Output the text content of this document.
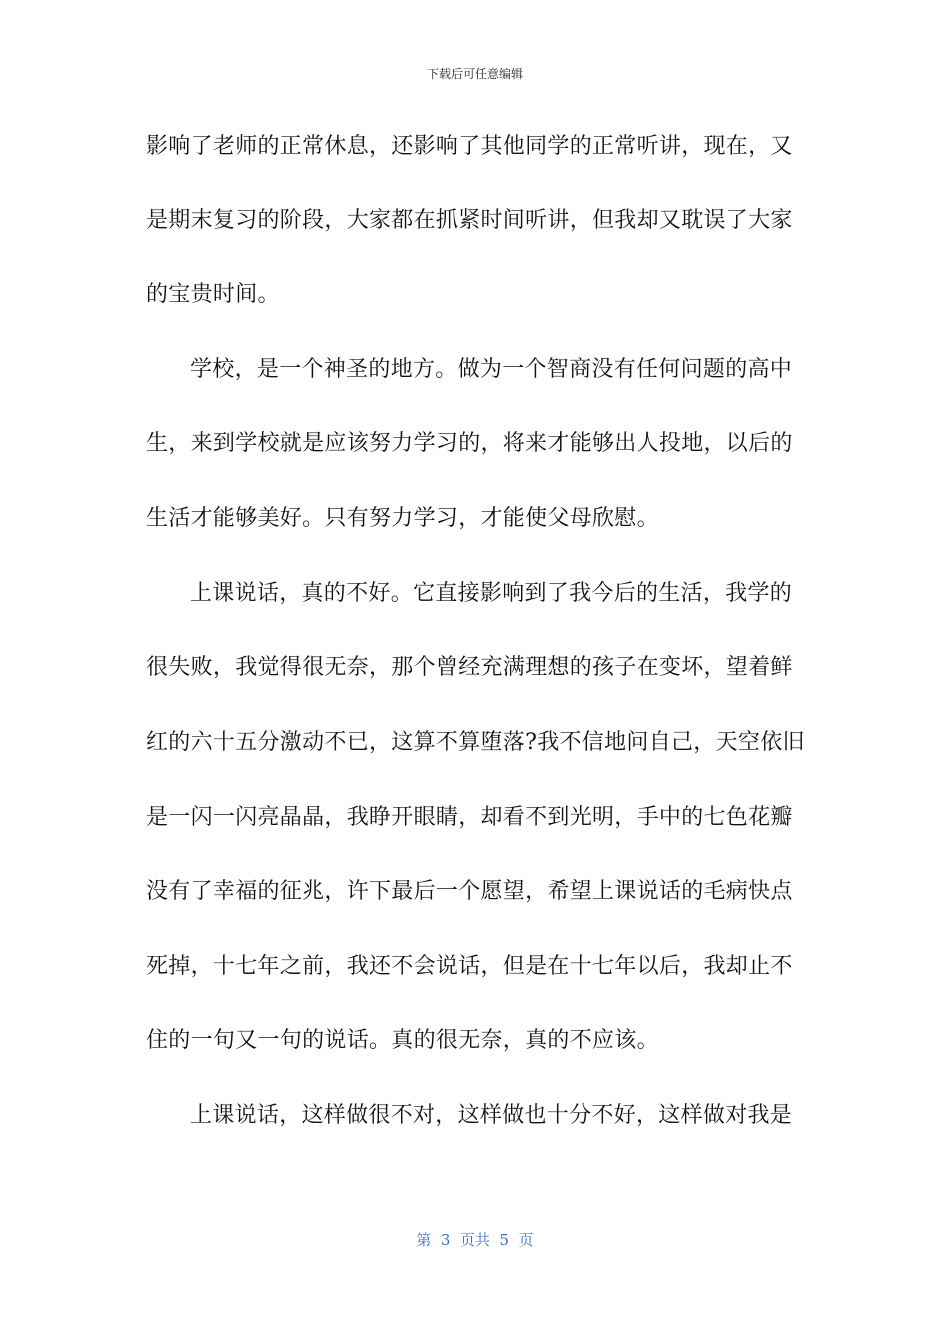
下载后可任意编辑
影响了老师的正常休息，还影响了其他同学的正常听讲，现在，又
是期末复习的阶段，大家都在抓紧时间听讲，但我却又耽误了大家
的宝贵时间。
学校，是一个神圣的地方。做为一个智商没有任何问题的高中
生，来到学校就是应该努力学习的，将来才能够出人投地，以后的
生活才能够美好。只有努力学习，才能使父母欣慰。
上课说话，真的不好。它直接影响到了我今后的生活，我学的
很失败，我觉得很无奈，那个曾经充满理想的孩子在变坏，望着鲜
红的六十五分激动不已，这算不算堕落?我不信地问自己，天空依旧
是一闪一闪亮晶晶，我睁开眼睛，却看不到光明，手中的七色花瓣
没有了幸福的征兆，许下最后一个愿望，希望上课说话的毛病快点
死掉，十七年之前，我还不会说话，但是在十七年以后，我却止不
住的一句又一句的说话。真的很无奈，真的不应该。
上课说话，这样做很不对，这样做也十分不好，这样做对我是
第  3  页共  5  页
